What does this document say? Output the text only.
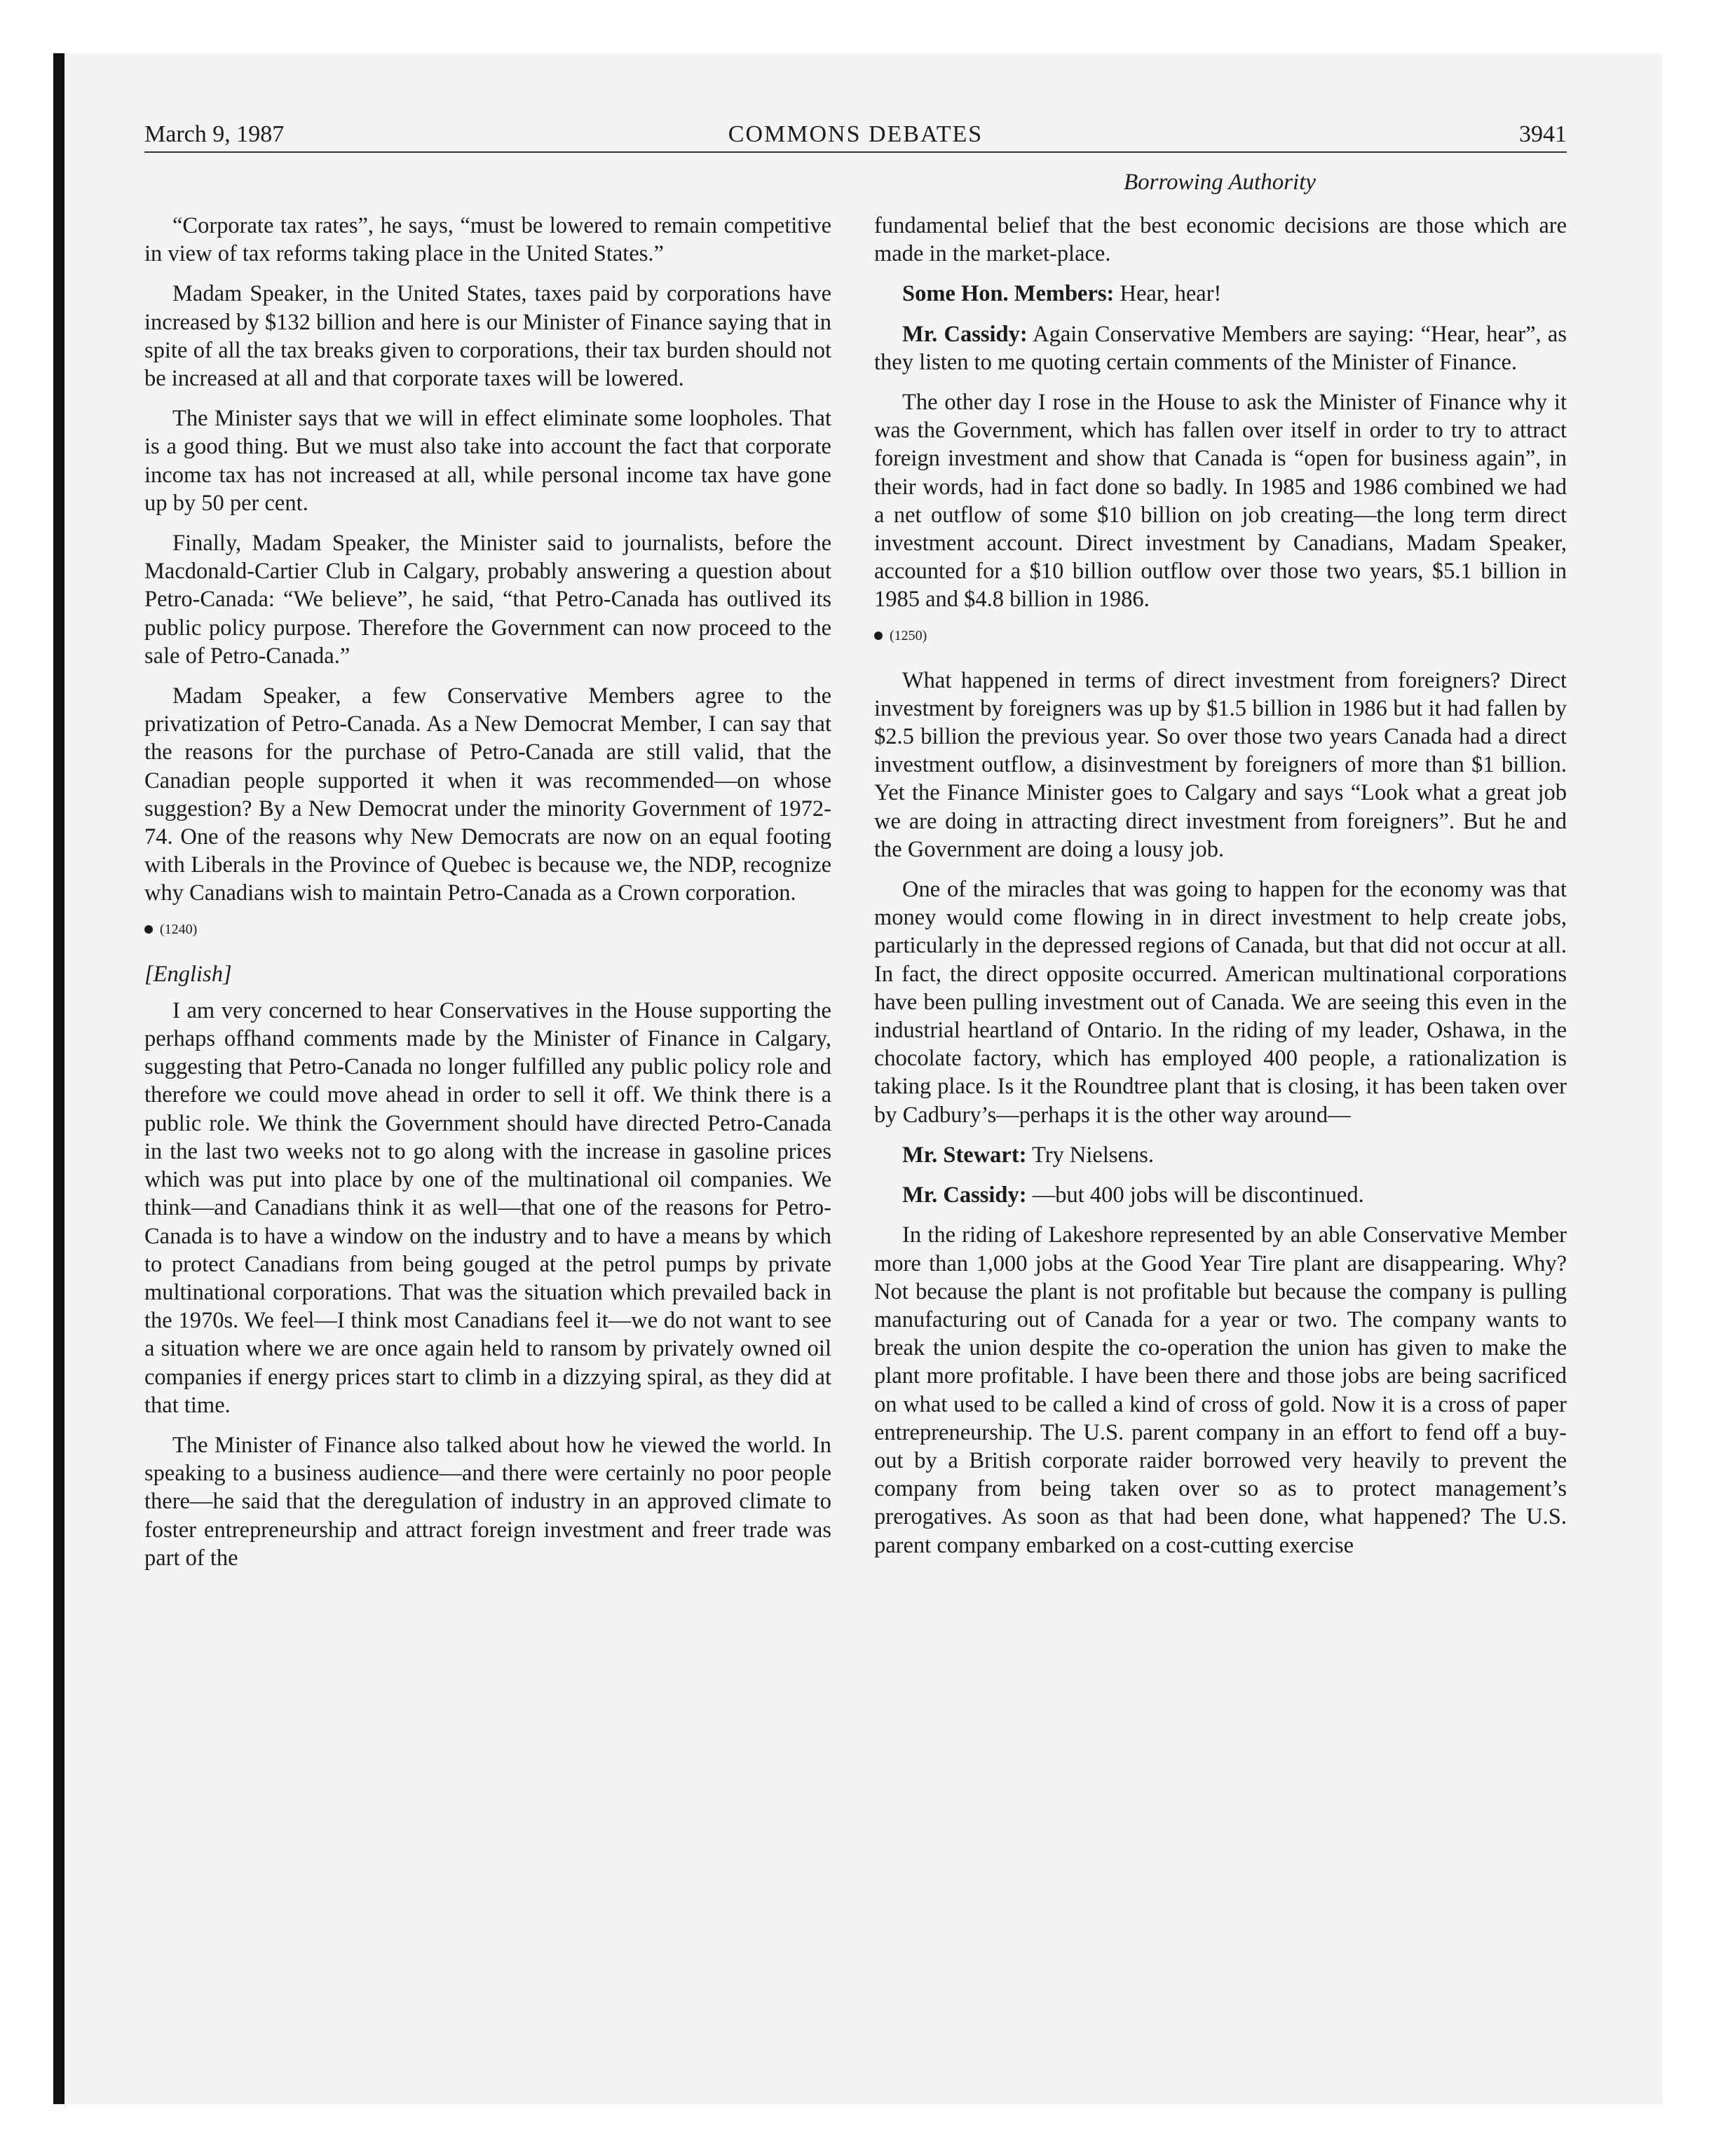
March 9, 1987	COMMONS DEBATES	3941
Borrowing Authority

“Corporate tax rates”, he says, “must be lowered to remain competitive in view of tax reforms taking place in the United States.”

Madam Speaker, in the United States, taxes paid by corporations have increased by $132 billion and here is our Minister of Finance saying that in spite of all the tax breaks given to corporations, their tax burden should not be increased at all and that corporate taxes will be lowered.

The Minister says that we will in effect eliminate some loopholes. That is a good thing. But we must also take into account the fact that corporate income tax has not increased at all, while personal income tax have gone up by 50 per cent.

Finally, Madam Speaker, the Minister said to journalists, before the Macdonald-Cartier Club in Calgary, probably answering a question about Petro-Canada: “We believe”, he said, “that Petro-Canada has outlived its public policy purpose. Therefore the Government can now proceed to the sale of Petro-Canada.”

Madam Speaker, a few Conservative Members agree to the privatization of Petro-Canada. As a New Democrat Member, I can say that the reasons for the purchase of Petro-Canada are still valid, that the Canadian people supported it when it was recommended—on whose suggestion? By a New Democrat under the minority Government of 1972-74. One of the reasons why New Democrats are now on an equal footing with Liberals in the Province of Quebec is because we, the NDP, recognize why Canadians wish to maintain Petro-Canada as a Crown corporation.

(1240)
[English]

I am very concerned to hear Conservatives in the House supporting the perhaps offhand comments made by the Minister of Finance in Calgary, suggesting that Petro-Canada no longer fulfilled any public policy role and therefore we could move ahead in order to sell it off. We think there is a public role. We think the Government should have directed Petro-Canada in the last two weeks not to go along with the increase in gasoline prices which was put into place by one of the multinational oil companies. We think—and Canadians think it as well—that one of the reasons for Petro-Canada is to have a window on the industry and to have a means by which to protect Canadians from being gouged at the petrol pumps by private multinational corporations. That was the situation which prevailed back in the 1970s. We feel—I think most Canadians feel it—we do not want to see a situation where we are once again held to ransom by privately owned oil companies if energy prices start to climb in a dizzying spiral, as they did at that time.

The Minister of Finance also talked about how he viewed the world. In speaking to a business audience—and there were certainly no poor people there—he said that the deregulation of industry in an approved climate to foster entrepreneurship and attract foreign investment and freer trade was part of the

fundamental belief that the best economic decisions are those which are made in the market-place.

Some Hon. Members: Hear, hear!

Mr. Cassidy: Again Conservative Members are saying: “Hear, hear”, as they listen to me quoting certain comments of the Minister of Finance.

The other day I rose in the House to ask the Minister of Finance why it was the Government, which has fallen over itself in order to try to attract foreign investment and show that Canada is “open for business again”, in their words, had in fact done so badly. In 1985 and 1986 combined we had a net outflow of some $10 billion on job creating—the long term direct investment account. Direct investment by Canadians, Madam Speaker, accounted for a $10 billion outflow over those two years, $5.1 billion in 1985 and $4.8 billion in 1986.

(1250)

What happened in terms of direct investment from foreigners? Direct investment by foreigners was up by $1.5 billion in 1986 but it had fallen by $2.5 billion the previous year. So over those two years Canada had a direct investment outflow, a disinvestment by foreigners of more than $1 billion. Yet the Finance Minister goes to Calgary and says “Look what a great job we are doing in attracting direct investment from foreigners”. But he and the Government are doing a lousy job.

One of the miracles that was going to happen for the economy was that money would come flowing in in direct investment to help create jobs, particularly in the depressed regions of Canada, but that did not occur at all. In fact, the direct opposite occurred. American multinational corporations have been pulling investment out of Canada. We are seeing this even in the industrial heartland of Ontario. In the riding of my leader, Oshawa, in the chocolate factory, which has employed 400 people, a rationalization is taking place. Is it the Roundtree plant that is closing, it has been taken over by Cadbury’s—perhaps it is the other way around—

Mr. Stewart: Try Nielsens.

Mr. Cassidy: —but 400 jobs will be discontinued.

In the riding of Lakeshore represented by an able Conservative Member more than 1,000 jobs at the Good Year Tire plant are disappearing. Why? Not because the plant is not profitable but because the company is pulling manufacturing out of Canada for a year or two. The company wants to break the union despite the co-operation the union has given to make the plant more profitable. I have been there and those jobs are being sacrificed on what used to be called a kind of cross of gold. Now it is a cross of paper entrepreneurship. The U.S. parent company in an effort to fend off a buy-out by a British corporate raider borrowed very heavily to prevent the company from being taken over so as to protect management’s prerogatives. As soon as that had been done, what happened? The U.S. parent company embarked on a cost-cutting exercise
